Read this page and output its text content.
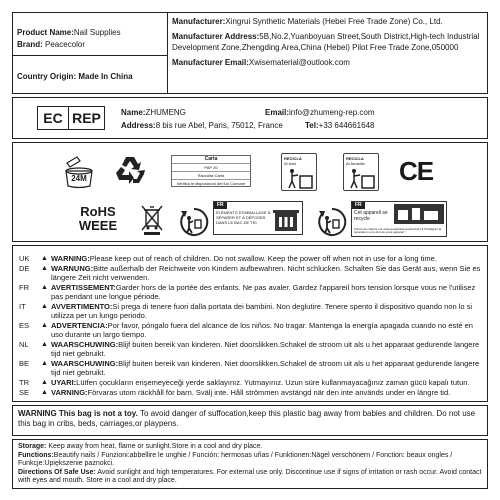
Product Name:Nail Supplies
Brand: Peacecolor
Country Origin: Made In China
Manufacturer:Xingrui Synthetic Materials (Hebei Free Trade Zone) Co., Ltd.
Manufacturer Address:5B,No.2,Yuanboyuan Street,South District,High-tech Industrial Development Zone,Zhengding Area,China (Hebei) Pilot Free Trade Zone,050000
Manufacturer Email:Xwisematerial@outlook.com
EC REP	Name:ZHUMENG
Address:8 bis rue Abel, Paris, 75012, France
Email:info@zhumeng-rep.com
Tel:+33 644661648
24M
Carta
PAP 20
Raccolta Carta
Verifica le disposizioni del tuo Comune
RECICLA
Al Azul
RECICLA
Al Amarillo	CE
RoHS
WEEE
FR
ÉLÉMENTS D'EMBALLAGE À SÉPARER ET À DÉPOSER DANS LE BAC DE TRI
FR
Cet appareil se recycle
Points de collecte sur www.quefairedemesdechets.fr Privilégiez la réparation ou le don de votre appareil !
UK	▲ WARNING:Please keep out of reach of children. Do not swallow. Keep the power off when not in use for a long time.
DE	▲ WARNUNG:Bitte außerhalb der Reichweite von Kindern aufbewahren. Nicht schlucken. Schalten Sie das Gerät aus, wenn Sie es längere Zeit nicht verwenden.
FR	▲ AVERTISSEMENT:Garder hors de la portée des enfants. Ne pas avaler. Gardez l'appareil hors tension lorsque vous ne l'utilisez pas pendant une longue période.
IT	▲ AVVERTIMENTO:Si prega di tenere fuori dalla portata dei bambini. Non deglutire. Tenere spento il dispositivo quando non lo si utilizza per un lungo periodo.
ES	▲ ADVERTENCIA:Por favor, póngalo fuera del alcance de los niños. No tragar. Mantenga la energía apagada cuando no esté en uso durante un largo tiempo.
NL	▲ WAARSCHUWING:Blijf buiten bereik van kinderen. Niet doorslikken.Schakel de stroom uit als u het apparaat gedurende langere tijd niet gebruikt.
BE	▲ WAARSCHUWING:Blijf buiten bereik van kinderen. Niet doorslikken.Schakel de stroom uit als u het apparaat gedurende langere tijd niet gebruikt.
TR	▲ UYARI:Lütfen çocukların erişemeyeceği yerde saklayınız. Yutmayınız. Uzun süre kullanmayacağınız zaman gücü kapalı tutun.
SE	▲ VARNING:Förvaras utom räckhåll för barn. Svälj inte. Håll strömmen avstängd när den inte används under en längre tid.
WARNING This bag is not a toy. To avoid danger of suffocation,keep this plastic bag away from babies and children. Do not use this bag in cribs, beds, carriages,or playpens.
Storage: Keep away from heat, flame or sunlight.Store in a cool and dry place.
Functions:Beautify nails / Funzioni:abbellire le unghie / Función: hermosas uñas / Funktionen:Nägel verschönern / Fonction: beaux ongles / Funkcje:Upiększenie paznokci.
Directions Of Safe Use: Avoid sunlight and high temperatures. For external use only. Discontinue use if signs of irritation or rash occur. Avoid contact with eyes and mouth. Store in a cool and dry place.
